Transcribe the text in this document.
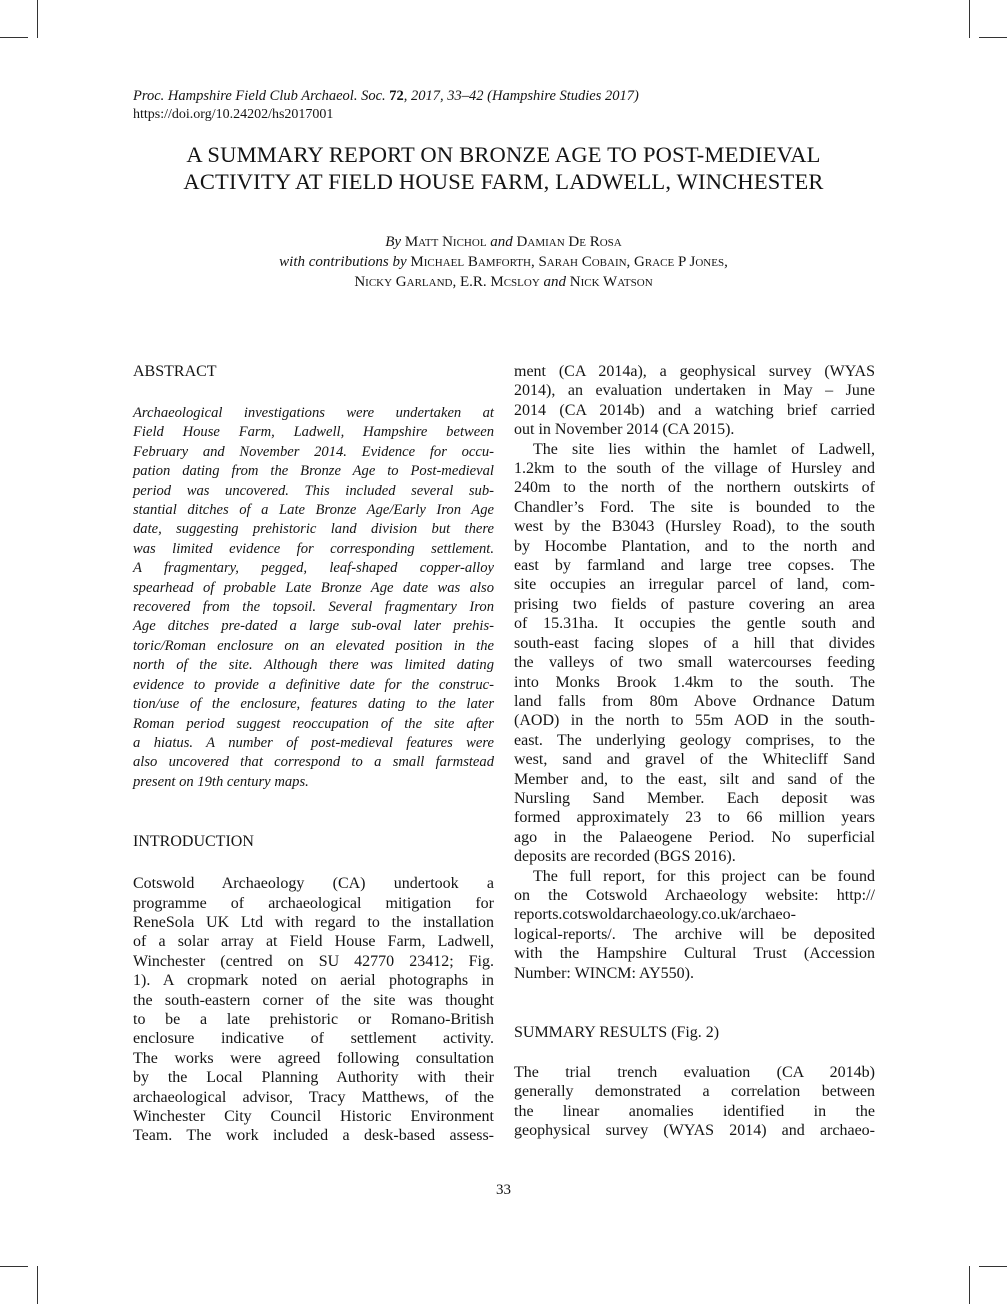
Proc. Hampshire Field Club Archaeol. Soc. 72, 2017, 33–42 (Hampshire Studies 2017)
https://doi.org/10.24202/hs2017001
A SUMMARY REPORT ON BRONZE AGE TO POST-MEDIEVAL
ACTIVITY AT FIELD HOUSE FARM, LADWELL, WINCHESTER
By Matt Nichol and Damian De Rosa
with contributions by Michael Bamforth, Sarah Cobain, Grace P Jones,
Nicky Garland, E.R. Mcsloy and Nick Watson
ABSTRACT
Archaeological investigations were undertaken at
Field House Farm, Ladwell, Hampshire between
February and November 2014. Evidence for occu-
pation dating from the Bronze Age to Post-medieval
period was uncovered. This included several sub-
stantial ditches of a Late Bronze Age/Early Iron Age
date, suggesting prehistoric land division but there
was limited evidence for corresponding settlement.
A fragmentary, pegged, leaf-shaped copper-alloy
spearhead of probable Late Bronze Age date was also
recovered from the topsoil. Several fragmentary Iron
Age ditches pre-dated a large sub-oval later prehis-
toric/Roman enclosure on an elevated position in the
north of the site. Although there was limited dating
evidence to provide a definitive date for the construc-
tion/use of the enclosure, features dating to the later
Roman period suggest reoccupation of the site after
a hiatus. A number of post-medieval features were
also uncovered that correspond to a small farmstead
present on 19th century maps.
INTRODUCTION
Cotswold Archaeology (CA) undertook a
programme of archaeological mitigation for
ReneSola UK Ltd with regard to the installation
of a solar array at Field House Farm, Ladwell,
Winchester (centred on SU 42770 23412; Fig.
1). A cropmark noted on aerial photographs in
the south-eastern corner of the site was thought
to be a late prehistoric or Romano-British
enclosure indicative of settlement activity.
The works were agreed following consultation
by the Local Planning Authority with their
archaeological advisor, Tracy Matthews, of the
Winchester City Council Historic Environment
Team. The work included a desk-based assess-
ment (CA 2014a), a geophysical survey (WYAS
2014), an evaluation undertaken in May – June
2014 (CA 2014b) and a watching brief carried
out in November 2014 (CA 2015).
The site lies within the hamlet of Ladwell,
1.2km to the south of the village of Hursley and
240m to the north of the northern outskirts of
Chandler’s Ford. The site is bounded to the
west by the B3043 (Hursley Road), to the south
by Hocombe Plantation, and to the north and
east by farmland and large tree copses. The
site occupies an irregular parcel of land, com-
prising two fields of pasture covering an area
of 15.31ha. It occupies the gentle south and
south-east facing slopes of a hill that divides
the valleys of two small watercourses feeding
into Monks Brook 1.4km to the south. The
land falls from 80m Above Ordnance Datum
(AOD) in the north to 55m AOD in the south-
east. The underlying geology comprises, to the
west, sand and gravel of the Whitecliff Sand
Member and, to the east, silt and sand of the
Nursling Sand Member. Each deposit was
formed approximately 23 to 66 million years
ago in the Palaeogene Period. No superficial
deposits are recorded (BGS 2016).
The full report, for this project can be found
on the Cotswold Archaeology website: http://
reports.cotswoldarchaeology.co.uk/archaeo-
logical-reports/. The archive will be deposited
with the Hampshire Cultural Trust (Accession
Number: WINCM: AY550).
SUMMARY RESULTS (Fig. 2)
The trial trench evaluation (CA 2014b)
generally demonstrated a correlation between
the linear anomalies identified in the
geophysical survey (WYAS 2014) and archaeo-
33
